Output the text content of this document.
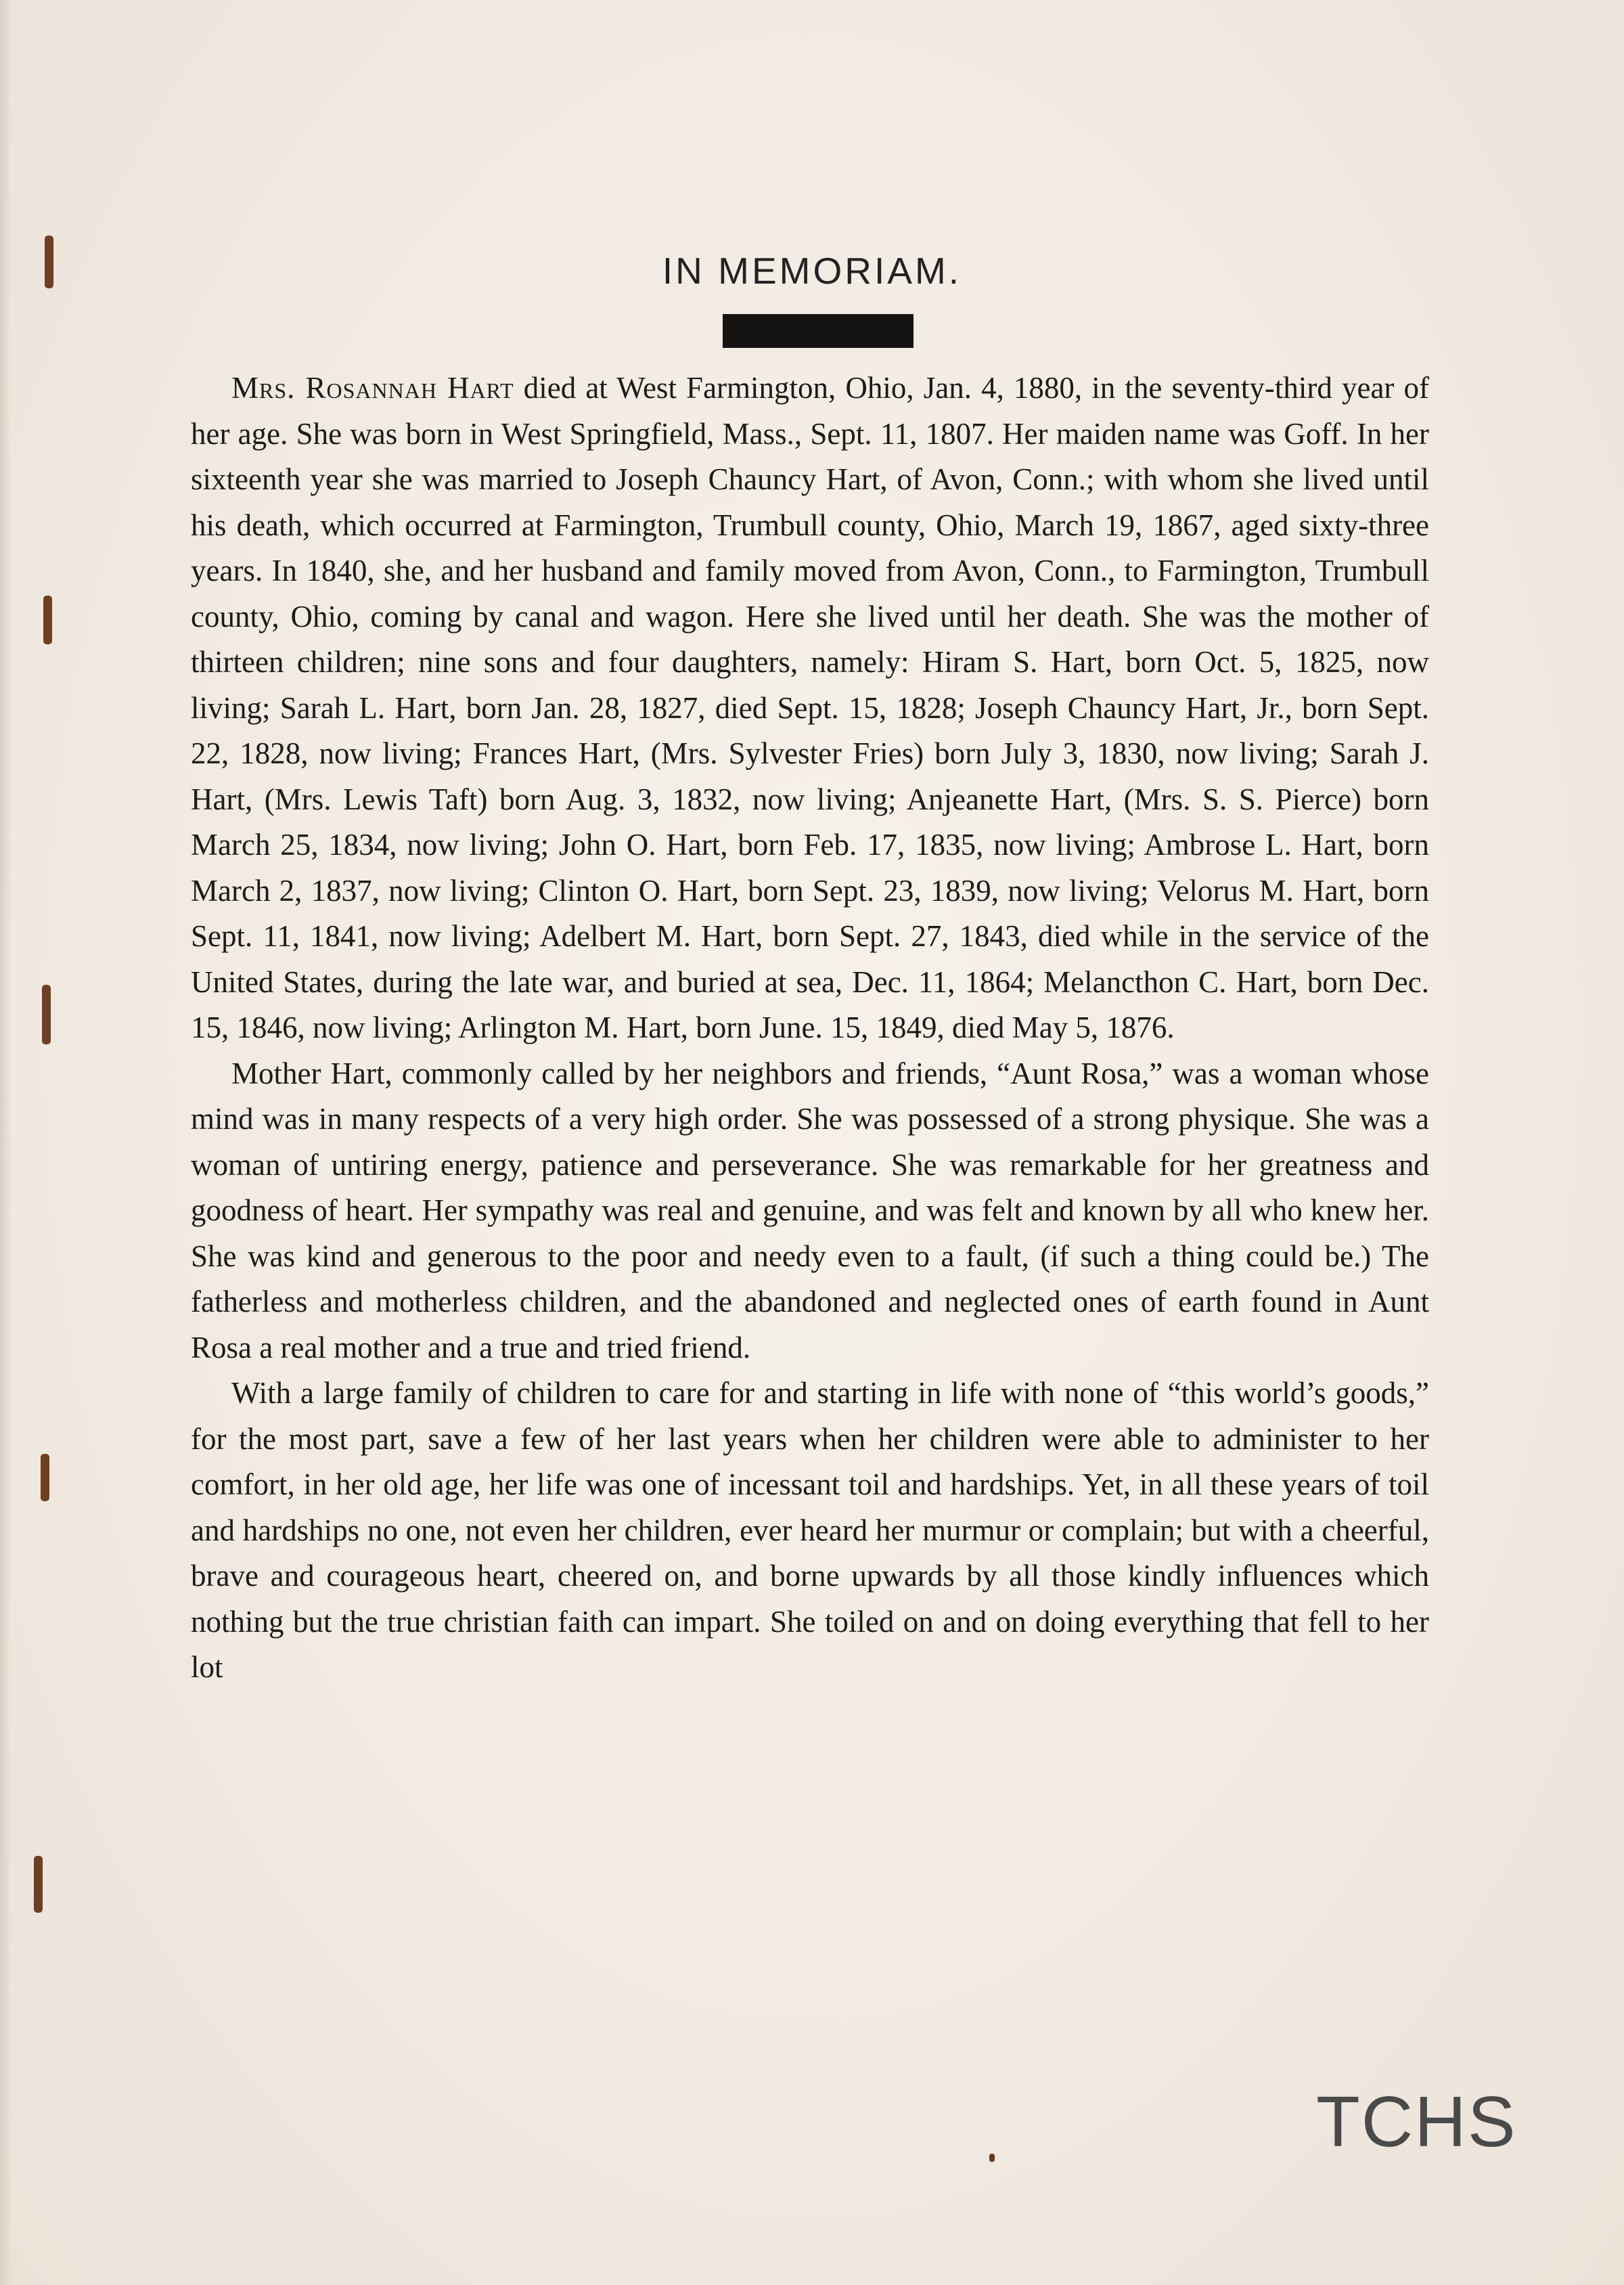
IN MEMORIAM.

Mrs. Rosannah Hart died at West Farmington, Ohio, Jan. 4, 1880, in the seventy-third year of her age. She was born in West Springfield, Mass., Sept. 11, 1807. Her maiden name was Goff. In her sixteenth year she was married to Joseph Chauncy Hart, of Avon, Conn.; with whom she lived until his death, which occurred at Farmington, Trumbull county, Ohio, March 19, 1867, aged sixty-three years. In 1840, she, and her husband and family moved from Avon, Conn., to Farmington, Trumbull county, Ohio, coming by canal and wagon. Here she lived until her death. She was the mother of thirteen children; nine sons and four daughters, namely: Hiram S. Hart, born Oct. 5, 1825, now living; Sarah L. Hart, born Jan. 28, 1827, died Sept. 15, 1828; Joseph Chauncy Hart, Jr., born Sept. 22, 1828, now living; Frances Hart, (Mrs. Sylvester Fries) born July 3, 1830, now living; Sarah J. Hart, (Mrs. Lewis Taft) born Aug. 3, 1832, now living; Anjeanette Hart, (Mrs. S. S. Pierce) born March 25, 1834, now living; John O. Hart, born Feb. 17, 1835, now living; Ambrose L. Hart, born March 2, 1837, now living; Clinton O. Hart, born Sept. 23, 1839, now living; Velorus M. Hart, born Sept. 11, 1841, now living; Adelbert M. Hart, born Sept. 27, 1843, died while in the service of the United States, during the late war, and buried at sea, Dec. 11, 1864; Melancthon C. Hart, born Dec. 15, 1846, now living; Arlington M. Hart, born June. 15, 1849, died May 5, 1876.

Mother Hart, commonly called by her neighbors and friends, “Aunt Rosa,” was a woman whose mind was in many respects of a very high order. She was possessed of a strong physique. She was a woman of untiring energy, patience and perseverance. She was remarkable for her greatness and goodness of heart. Her sympathy was real and genuine, and was felt and known by all who knew her. She was kind and generous to the poor and needy even to a fault, (if such a thing could be.) The fatherless and motherless children, and the abandoned and neglected ones of earth found in Aunt Rosa a real mother and a true and tried friend.

With a large family of children to care for and starting in life with none of “this world’s goods,” for the most part, save a few of her last years when her children were able to administer to her comfort, in her old age, her life was one of incessant toil and hardships. Yet, in all these years of toil and hardships no one, not even her children, ever heard her murmur or complain; but with a cheerful, brave and courageous heart, cheered on, and borne upwards by all those kindly influences which nothing but the true christian faith can impart. She toiled on and on doing everything that fell to her lot

TCHS
